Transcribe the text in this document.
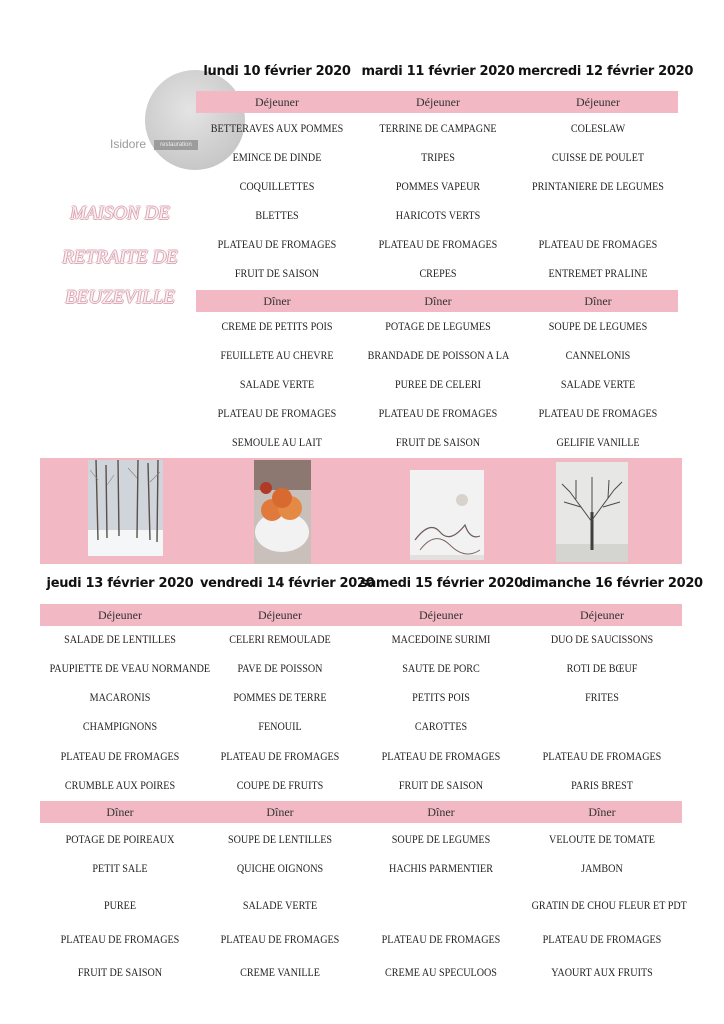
Isidore	restauration
MAISON DE
RETRAITE DE
BEUZEVILLE
lundi 10 février 2020
Déjeuner
BETTERAVES AUX POMMES
EMINCE DE DINDE
COQUILLETTES
BLETTES
PLATEAU DE FROMAGES
FRUIT DE SAISON
Dîner
CREME DE PETITS POIS
FEUILLETE AU CHEVRE
SALADE VERTE
PLATEAU DE FROMAGES
SEMOULE AU LAIT
mardi 11 février 2020
Déjeuner
TERRINE DE CAMPAGNE
TRIPES
POMMES VAPEUR
HARICOTS VERTS
PLATEAU DE FROMAGES
CREPES
Dîner
POTAGE DE LEGUMES
BRANDADE DE POISSON A LA
PUREE DE CELERI
PLATEAU DE FROMAGES
FRUIT DE SAISON
mercredi 12 février 2020
Déjeuner
COLESLAW
CUISSE DE POULET
PRINTANIERE DE LEGUMES
PLATEAU DE FROMAGES
ENTREMET PRALINE
Dîner
SOUPE DE LEGUMES
CANNELONIS
SALADE VERTE
PLATEAU DE FROMAGES
GELIFIE VANILLE
jeudi 13 février 2020
Déjeuner
SALADE DE LENTILLES
PAUPIETTE DE VEAU NORMANDE
MACARONIS
CHAMPIGNONS
PLATEAU DE FROMAGES
CRUMBLE AUX POIRES
Dîner
POTAGE DE POIREAUX
PETIT SALE
PUREE
PLATEAU DE FROMAGES
FRUIT DE SAISON
vendredi 14 février 2020
Déjeuner
CELERI REMOULADE
PAVE DE POISSON
POMMES DE TERRE
FENOUIL
PLATEAU DE FROMAGES
COUPE DE FRUITS
Dîner
SOUPE DE LENTILLES
QUICHE OIGNONS
SALADE VERTE
PLATEAU DE FROMAGES
CREME VANILLE
samedi 15 février 2020
Déjeuner
MACEDOINE SURIMI
SAUTE DE PORC
PETITS POIS
CAROTTES
PLATEAU DE FROMAGES
FRUIT DE SAISON
Dîner
SOUPE DE LEGUMES
HACHIS PARMENTIER
PLATEAU DE FROMAGES
CREME AU SPECULOOS
dimanche 16 février 2020
Déjeuner
DUO DE SAUCISSONS
ROTI DE BŒUF
FRITES
PLATEAU DE FROMAGES
PARIS BREST
Dîner
VELOUTE DE TOMATE
JAMBON
GRATIN DE CHOU FLEUR ET PDT
PLATEAU DE FROMAGES
YAOURT AUX FRUITS
